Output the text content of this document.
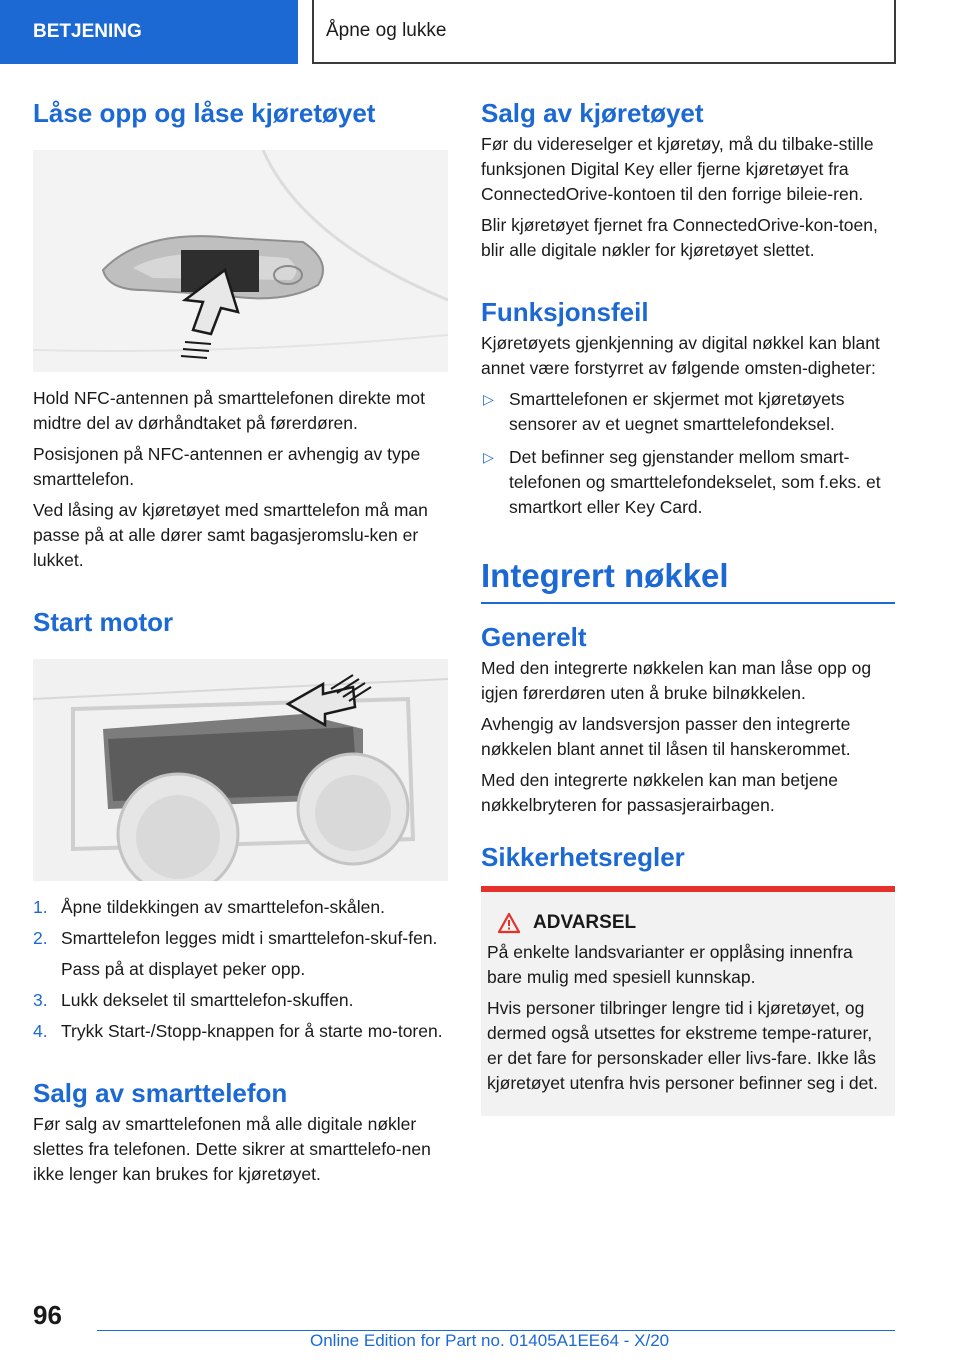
BETJENING	Åpne og lukke
Låse opp og låse kjøretøyet

Hold NFC-antennen på smarttelefonen direkte mot midtre del av dørhåndtaket på førerdøren.

Posisjonen på NFC-antennen er avhengig av type smarttelefon.

Ved låsing av kjøretøyet med smarttelefon må man passe på at alle dører samt bagasjeromslu-ken er lukket.

Start motor
1. Åpne tildekkingen av smarttelefon-skålen.
2. Smarttelefon legges midt i smarttelefon-skuf-fen.
Pass på at displayet peker opp.
3. Lukk dekselet til smarttelefon-skuffen.
4. Trykk Start-/Stopp-knappen for å starte mo-toren.
Salg av smarttelefon

Før salg av smarttelefonen må alle digitale nøkler slettes fra telefonen. Dette sikrer at smarttelefo-nen ikke lenger kan brukes for kjøretøyet.

Salg av kjøretøyet

Før du videreselger et kjøretøy, må du tilbake-stille funksjonen Digital Key eller fjerne kjøretøyet fra ConnectedOrive-kontoen til den forrige bileie-ren.

Blir kjøretøyet fjernet fra ConnectedOrive-kon-toen, blir alle digitale nøkler for kjøretøyet slettet.

Funksjonsfeil

Kjøretøyets gjenkjenning av digital nøkkel kan blant annet være forstyrret av følgende omsten-digheter:

▷ Smarttelefonen er skjermet mot kjøretøyets sensorer av et uegnet smarttelefondeksel.
▷ Det befinner seg gjenstander mellom smart-telefonen og smarttelefondekselet, som f.eks. et smartkort eller Key Card.
Integrert nøkkel
Generelt

Med den integrerte nøkkelen kan man låse opp og igjen førerdøren uten å bruke bilnøkkelen.

Avhengig av landsversjon passer den integrerte nøkkelen blant annet til låsen til hanskerommet.

Med den integrerte nøkkelen kan man betjene nøkkelbryteren for passasjerairbagen.

Sikkerhetsregler
ADVARSEL

På enkelte landsvarianter er opplåsing innenfra bare mulig med spesiell kunnskap.

Hvis personer tilbringer lengre tid i kjøretøyet, og dermed også utsettes for ekstreme tempe-raturer, er det fare for personskader eller livs-fare. Ikke lås kjøretøyet utenfra hvis personer befinner seg i det.

96
Online Edition for Part no. 01405A1EE64 - X/20
